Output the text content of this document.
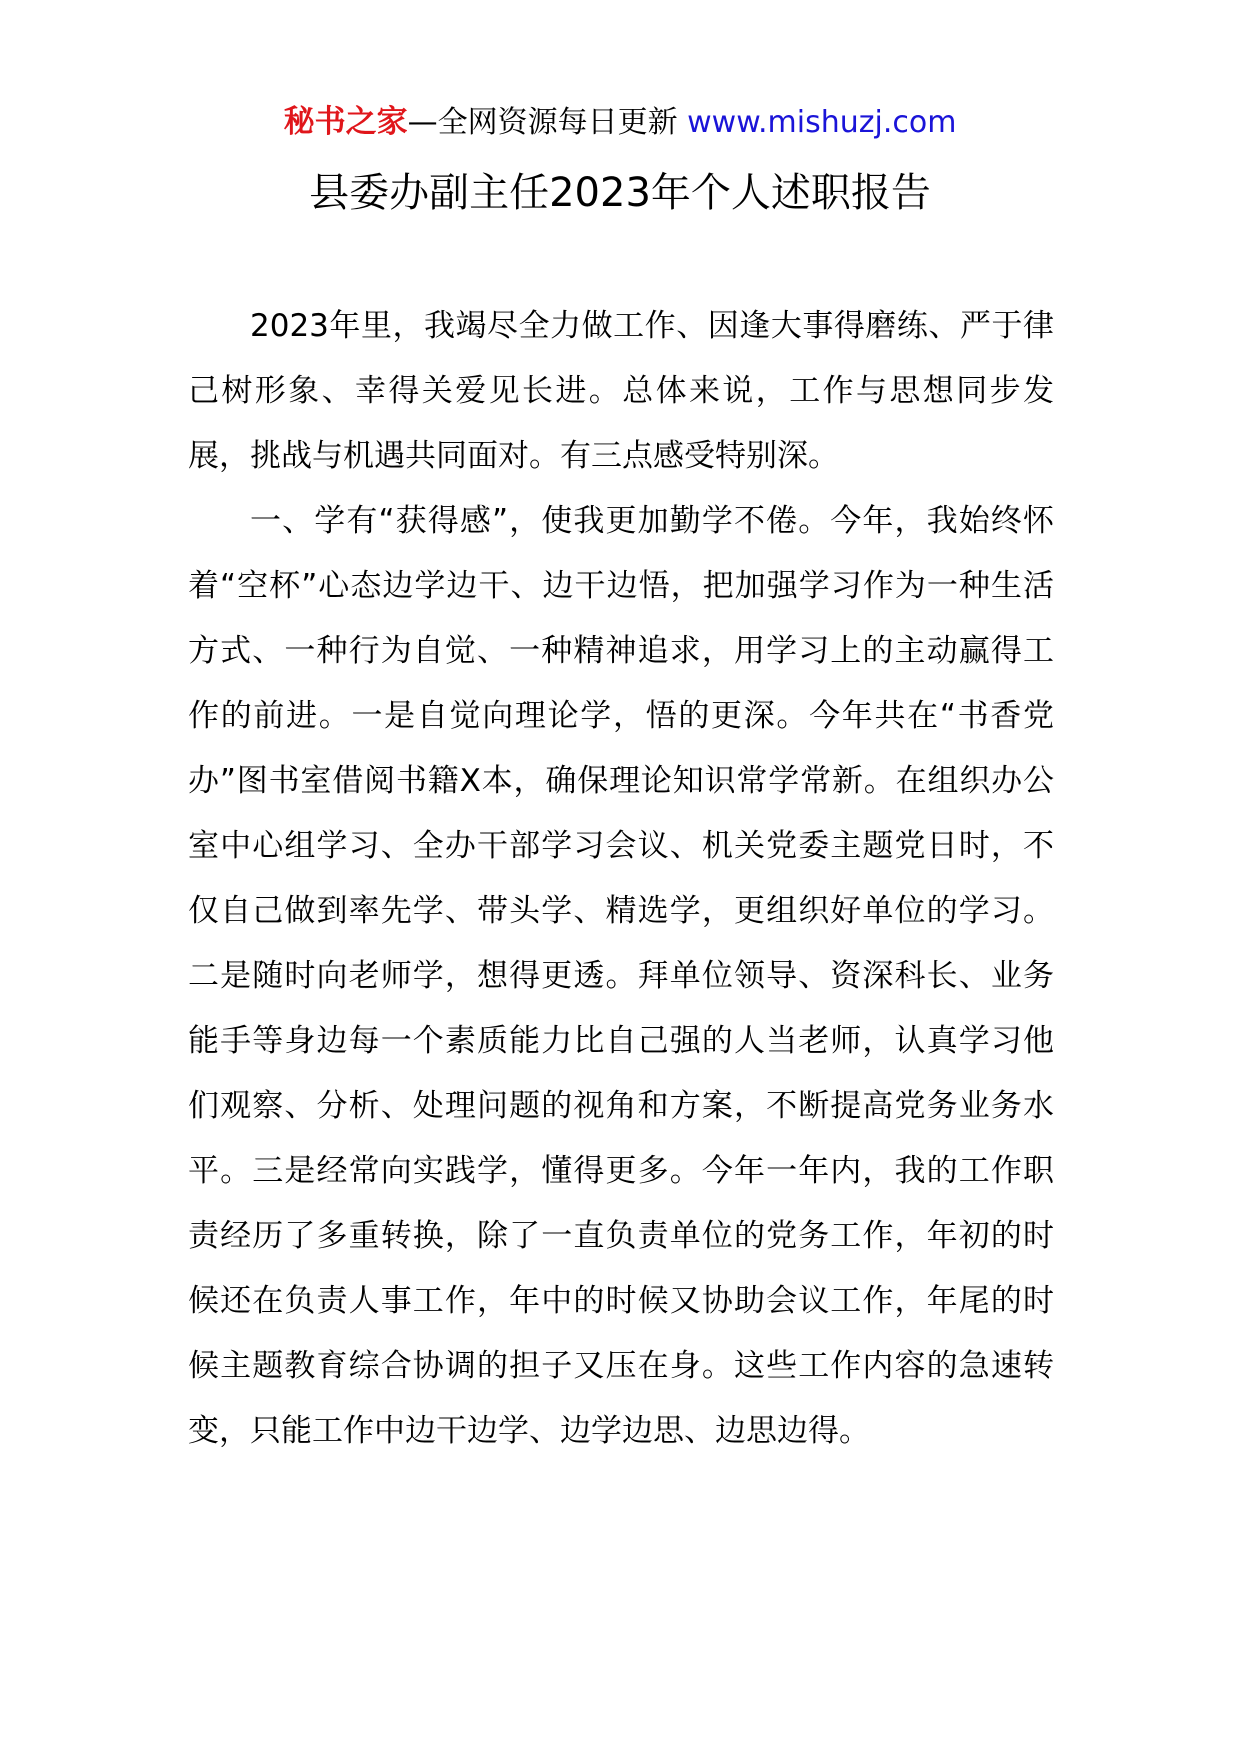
秘书之家—全网资源每日更新 www.mishuzj.com
县委办副主任2023年个人述职报告

2023年里，我竭尽全力做工作、因逢大事得磨练、严于律己树形象、幸得关爱见长进。总体来说，工作与思想同步发展，挑战与机遇共同面对。有三点感受特别深。

一、学有“获得感”，使我更加勤学不倦。今年，我始终怀着“空杯”心态边学边干、边干边悟，把加强学习作为一种生活方式、一种行为自觉、一种精神追求，用学习上的主动赢得工作的前进。一是自觉向理论学，悟的更深。今年共在“书香党办”图书室借阅书籍X本，确保理论知识常学常新。在组织办公室中心组学习、全办干部学习会议、机关党委主题党日时，不仅自己做到率先学、带头学、精选学，更组织好单位的学习。二是随时向老师学，想得更透。拜单位领导、资深科长、业务能手等身边每一个素质能力比自己强的人当老师，认真学习他们观察、分析、处理问题的视角和方案，不断提高党务业务水平。三是经常向实践学，懂得更多。今年一年内，我的工作职责经历了多重转换，除了一直负责单位的党务工作，年初的时候还在负责人事工作，年中的时候又协助会议工作，年尾的时候主题教育综合协调的担子又压在身。这些工作内容的急速转变，只能工作中边干边学、边学边思、边思边得。
